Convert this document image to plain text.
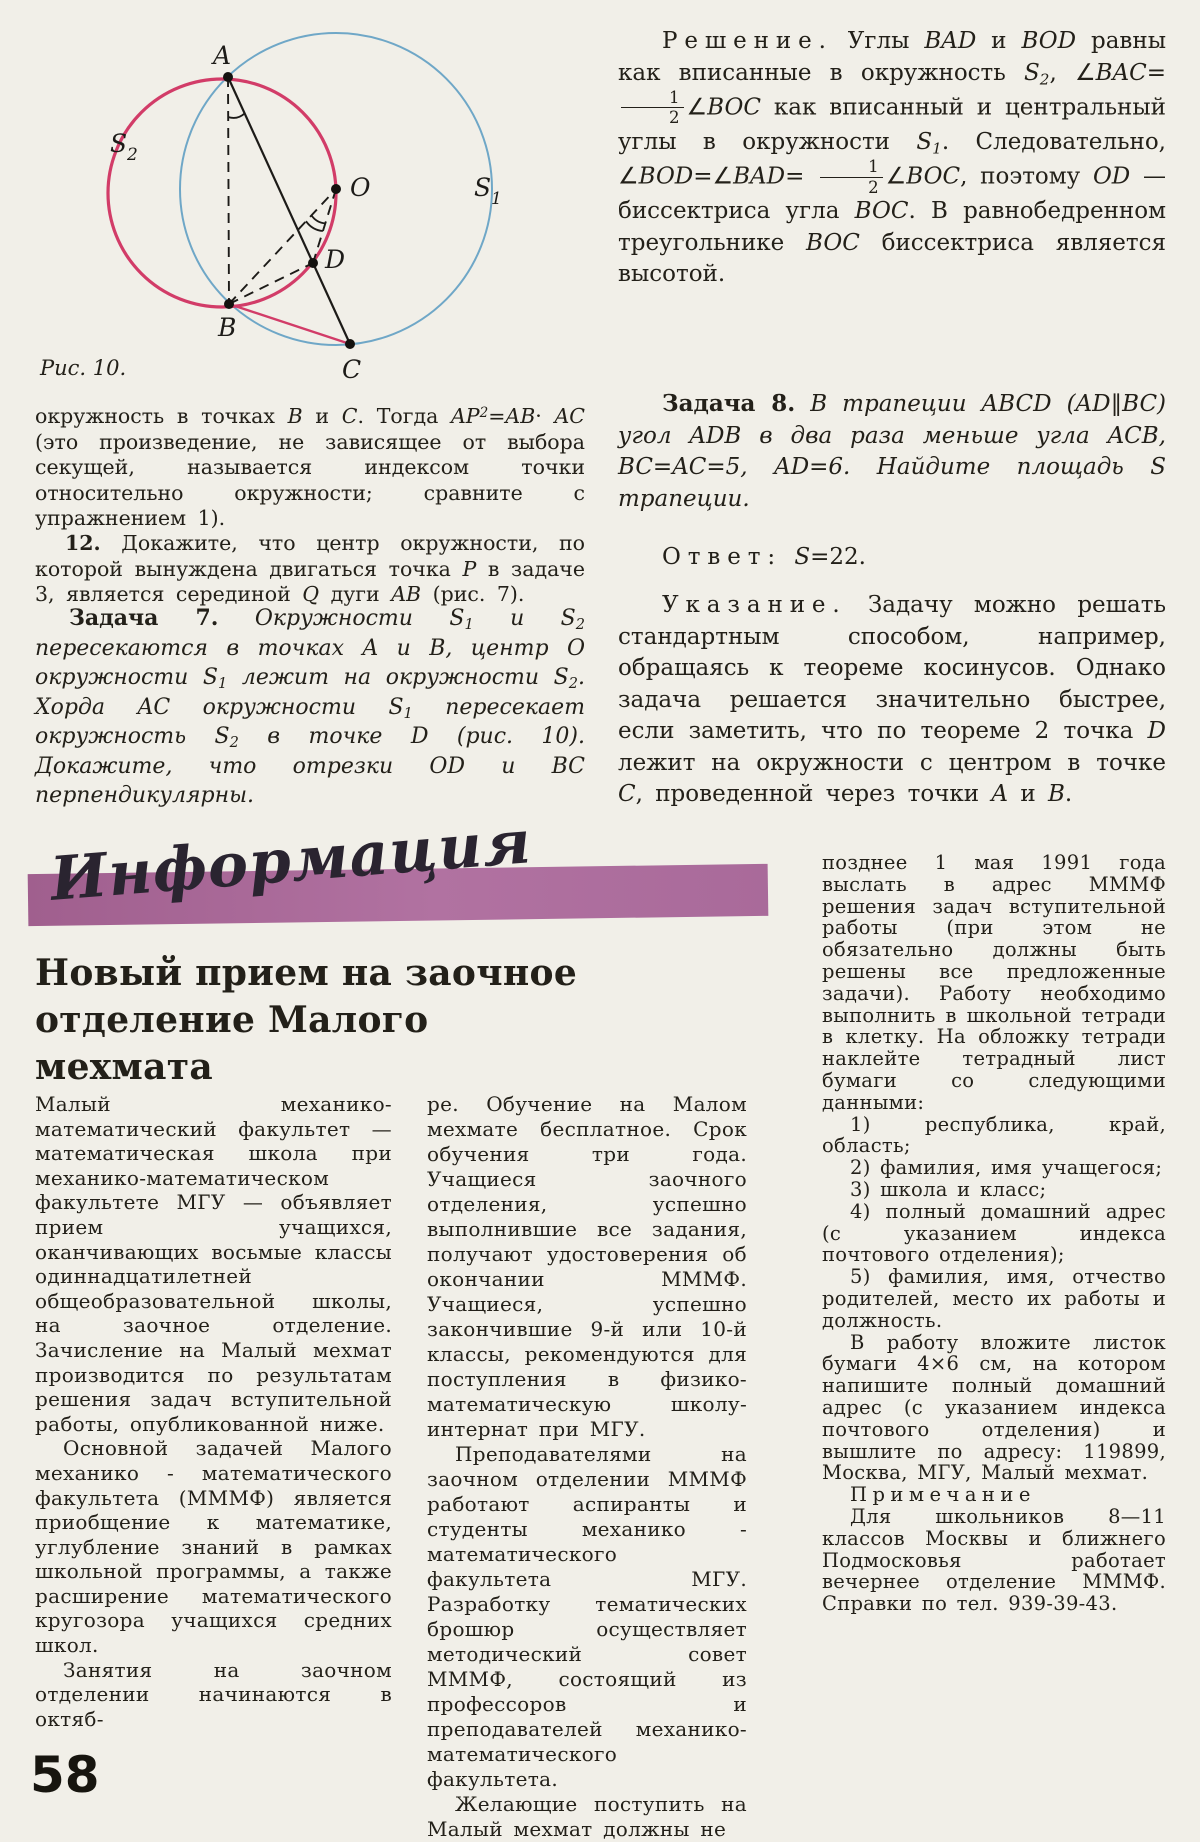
A
B
C
D
O	S 1
S 2
Рис. 10.
окружность в точках B и C. Тогда $AP^2=AB\cdot$ AC (это произведение, не зависящее от выбора секущей, называется индексом точки относительно окружности; сравните с упражнением 1).
12. Докажите, что центр окружности, по которой вынуждена двигаться точка P в задаче 3, является серединой Q дуги AB (рис. 7).
Задача 7. Окружности $S_1$ и $S_2$ пересекаются в точках A и B, центр O окружности $S_1$ лежит на окружности $S_2$. Хорда AC окружности $S_1$ пересекает окружность $S_2$ в точке D (рис. 10). Докажите, что отрезки OD и BC перпендикулярны.
Решение. Углы BAD и BOD равны как вписанные в окружность $S_2$, ∠BAC=
$\frac{1}{2}$ ∠BOC как вписанный и центральный углы в окружности $S_1$. Следовательно, ∠BOD=∠BAD= $\frac{1}{2}$ ∠BOC, поэтому OD — биссектриса угла BOC. В равнобедренном треугольнике BOC биссектриса является высотой.
Задача 8. В трапеции ABCD (AD∥BC) угол ADB в два раза меньше угла ACB, BC=AC=5, AD=6. Найдите площадь S трапеции.
Ответ: S=22.
Указание. Задачу можно решать стандартным способом, например, обращаясь к теореме косинусов. Однако задача решается значительно быстрее, если заметить, что по теореме 2 точка D лежит на окружности с центром в точке C, проведенной через точки A и B.
Информация
Новый прием на заочное отделение Малого мехмата

Малый механико-математический факультет — математическая школа при механико-математическом факультете МГУ — объявляет прием учащихся, оканчивающих восьмые классы одиннадцатилетней общеобразовательной школы, на заочное отделение. Зачисление на Малый мехмат производится по результатам решения задач вступительной работы, опубликованной ниже.

Основной задачей Малого механико - математического факультета (МММФ) является приобщение к математике, углубление знаний в рамках школьной программы, а также расширение математического кругозора учащихся средних школ.

Занятия на заочном отделении начинаются в октяб-

ре. Обучение на Малом мехмате бесплатное. Срок обучения три года. Учащиеся заочного отделения, успешно выполнившие все задания, получают удостоверения об окончании МММФ. Учащиеся, успешно закончившие 9-й или 10-й классы, рекомендуются для поступления в физико-математическую школу-интернат при МГУ.

Преподавателями на заочном отделении МММФ работают аспиранты и студенты механико - математического факультета МГУ. Разработку тематических брошюр осуществляет методический совет МММФ, состоящий из профессоров и преподавателей механико-математического факультета.

Желающие поступить на Малый мехмат должны не

позднее 1 мая 1991 года выслать в адрес МММФ решения задач вступительной работы (при этом не обязательно должны быть решены все предложенные задачи). Работу необходимо выполнить в школьной тетради в клетку. На обложку тетради наклейте тетрадный лист бумаги со следующими данными:

1) республика, край, область;

2) фамилия, имя учащегося;

3) школа и класс;

4) полный домашний адрес (с указанием индекса почтового отделения);

5) фамилия, имя, отчество родителей, место их работы и должность.

В работу вложите листок бумаги 4×6 см, на котором напишите полный домашний адрес (с указанием индекса почтового отделения) и вышлите по адресу: 119899, Москва, МГУ, Малый мехмат.

Примечание

Для школьников 8—11 классов Москвы и ближнего Подмосковья работает вечернее отделение МММФ. Справки по тел. 939-39-43.

58
